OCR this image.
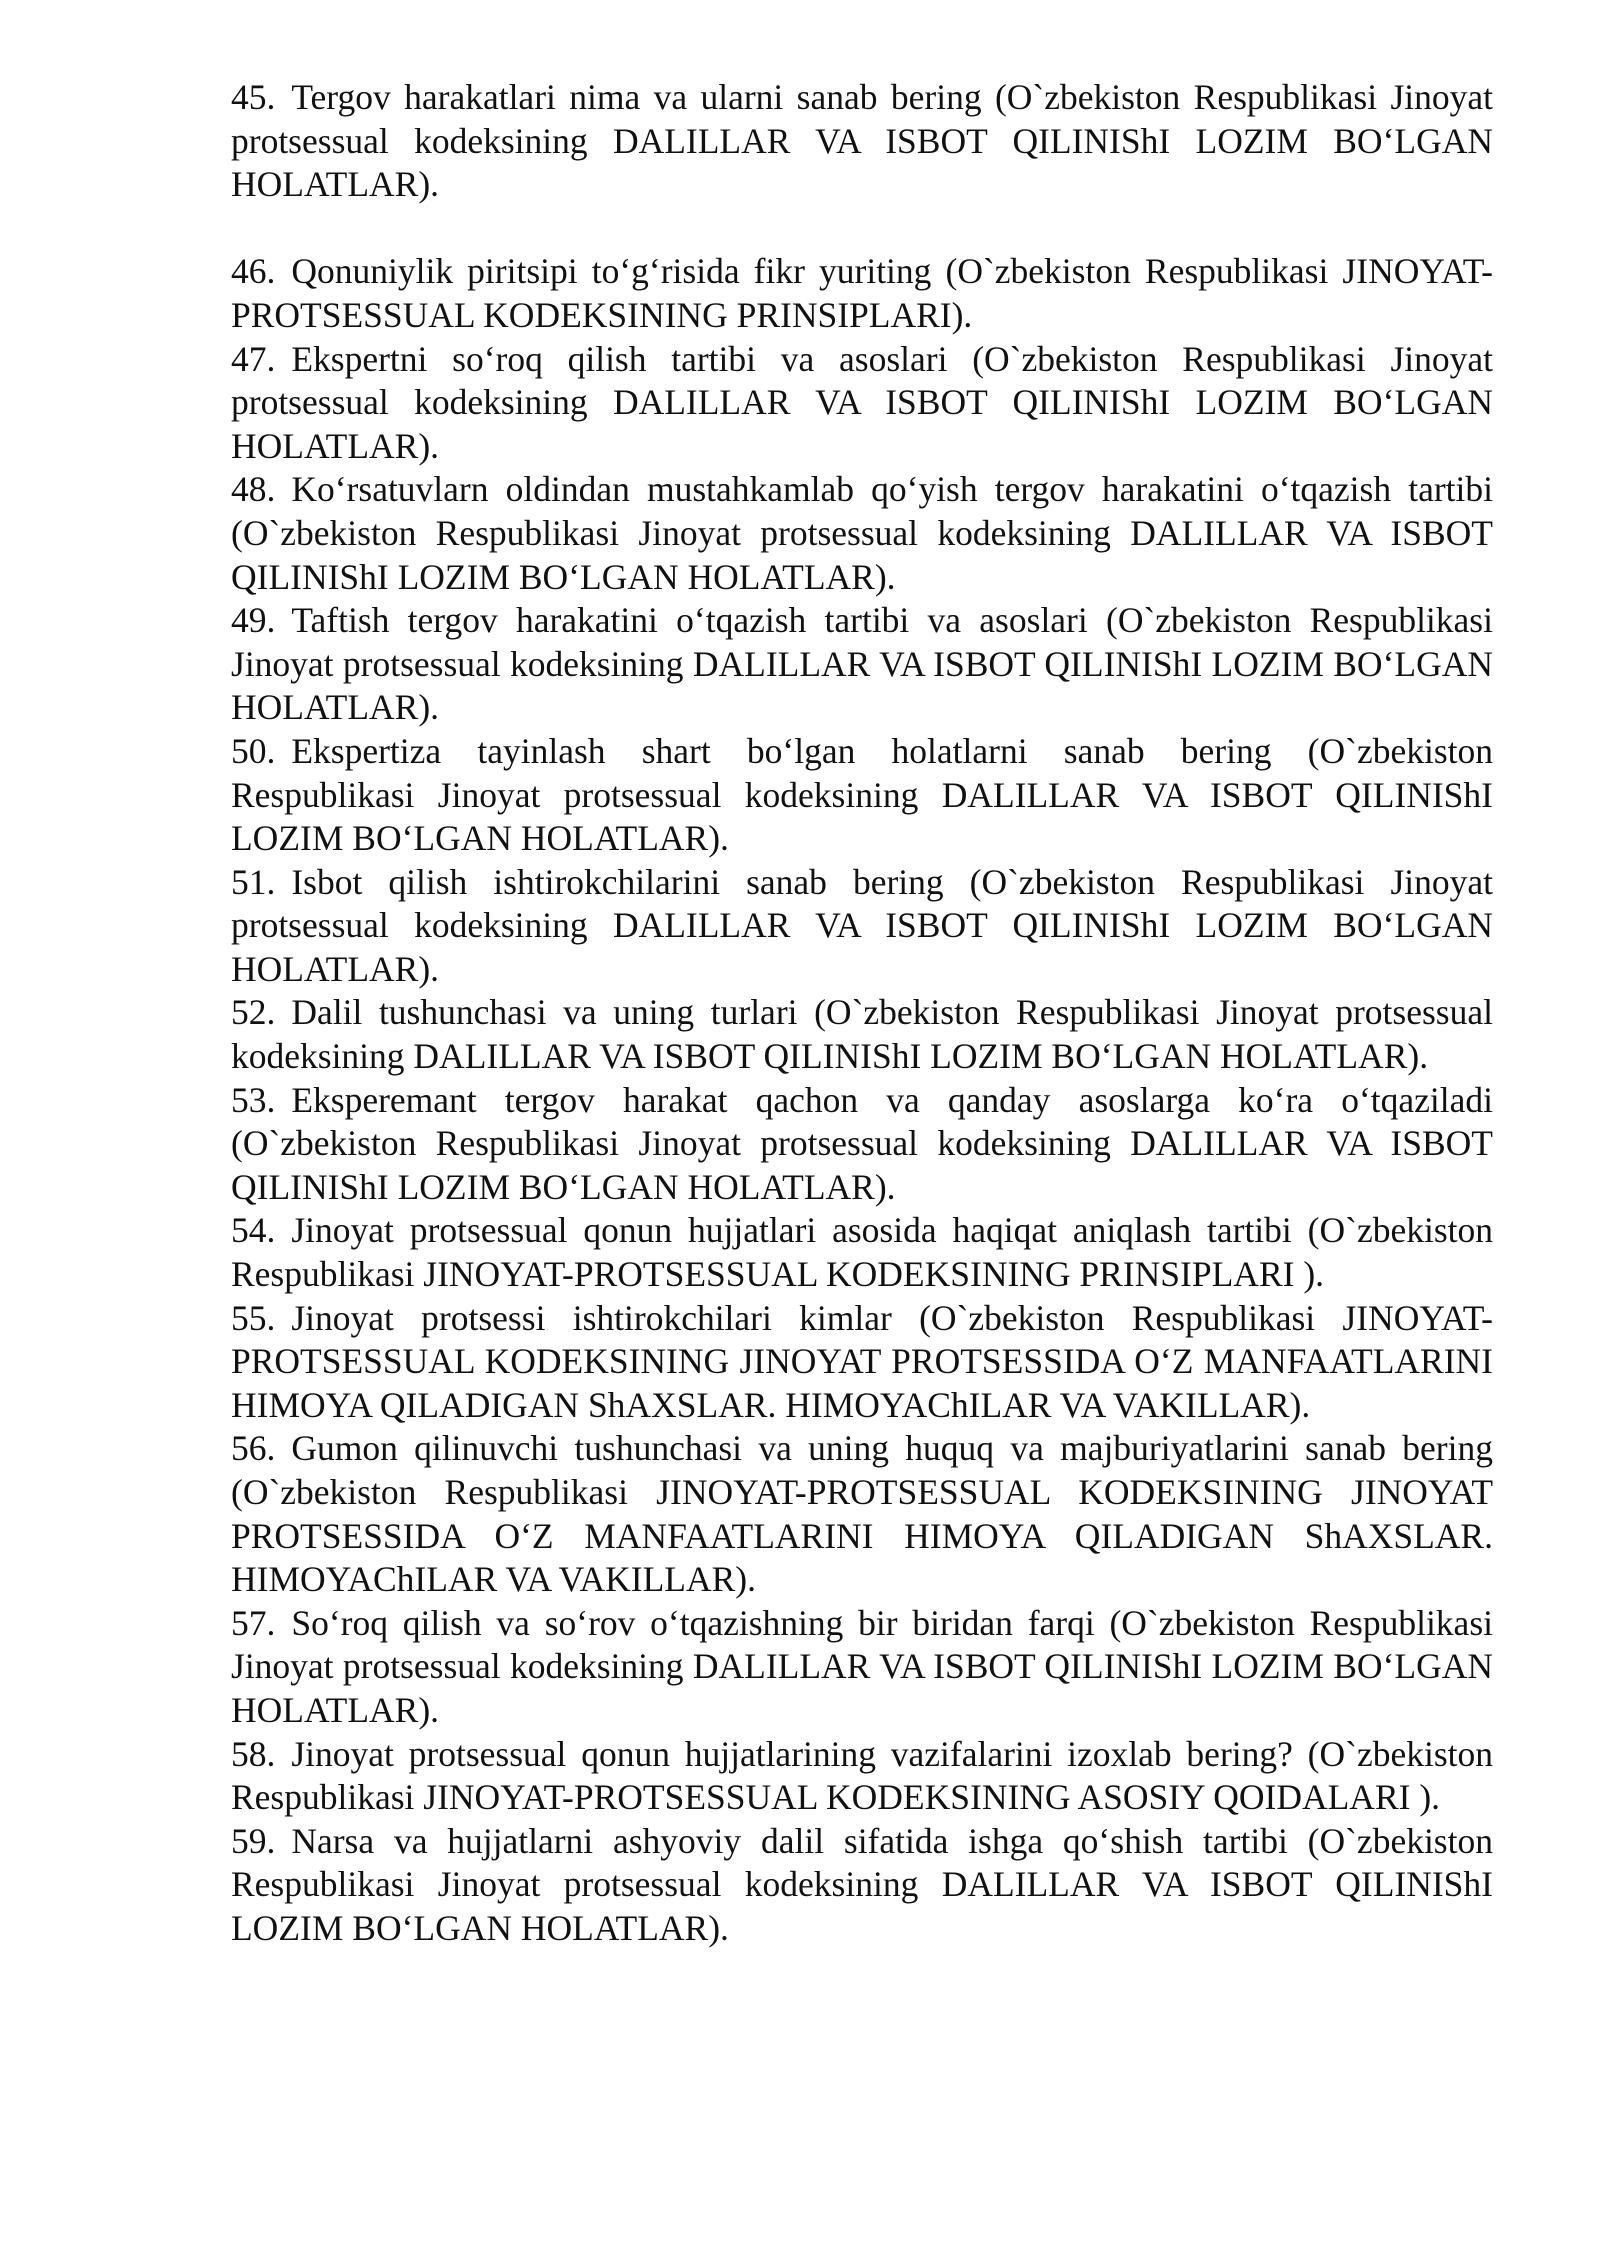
45. Tergov harakatlari nima va ularni sanab bering (O`zbekiston Respublikasi Jinoyat protsessual kodeksining DALILLAR VA ISBOT QILINIShI LOZIM BO‘LGAN HOLATLAR).

46. Qonuniylik piritsipi to‘g‘risida fikr yuriting (O`zbekiston Respublikasi JINOYAT-PROTSESSUAL KODEKSINING PRINSIPLARI).

47. Ekspertni so‘roq qilish tartibi va asoslari (O`zbekiston Respublikasi Jinoyat protsessual kodeksining DALILLAR VA ISBOT QILINIShI LOZIM BO‘LGAN HOLATLAR).

48. Ko‘rsatuvlarn oldindan mustahkamlab qo‘yish tergov harakatini o‘tqazish tartibi (O`zbekiston Respublikasi Jinoyat protsessual kodeksining DALILLAR VA ISBOT QILINIShI LOZIM BO‘LGAN HOLATLAR).

49. Taftish tergov harakatini o‘tqazish tartibi va asoslari (O`zbekiston Respublikasi Jinoyat protsessual kodeksining DALILLAR VA ISBOT QILINIShI LOZIM BO‘LGAN HOLATLAR).

50. Ekspertiza tayinlash shart bo‘lgan holatlarni sanab bering (O`zbekiston Respublikasi Jinoyat protsessual kodeksining DALILLAR VA ISBOT QILINIShI LOZIM BO‘LGAN HOLATLAR).

51. Isbot qilish ishtirokchilarini sanab bering (O`zbekiston Respublikasi Jinoyat protsessual kodeksining DALILLAR VA ISBOT QILINIShI LOZIM BO‘LGAN HOLATLAR).

52. Dalil tushunchasi va uning turlari (O`zbekiston Respublikasi Jinoyat protsessual kodeksining DALILLAR VA ISBOT QILINIShI LOZIM BO‘LGAN HOLATLAR).

53. Eksperemant tergov harakat qachon va qanday asoslarga ko‘ra o‘tqaziladi (O`zbekiston Respublikasi Jinoyat protsessual kodeksining DALILLAR VA ISBOT QILINIShI LOZIM BO‘LGAN HOLATLAR).

54. Jinoyat protsessual qonun hujjatlari asosida haqiqat aniqlash tartibi (O`zbekiston Respublikasi JINOYAT-PROTSESSUAL KODEKSINING PRINSIPLARI ).

55. Jinoyat protsessi ishtirokchilari kimlar (O`zbekiston Respublikasi JINOYAT-PROTSESSUAL KODEKSINING JINOYAT PROTSESSIDA O‘Z MANFAATLARINI HIMOYA QILADIGAN ShAXSLAR. HIMOYAChILAR VA VAKILLAR).

56. Gumon qilinuvchi tushunchasi va uning huquq va majburiyatlarini sanab bering (O`zbekiston Respublikasi JINOYAT-PROTSESSUAL KODEKSINING JINOYAT PROTSESSIDA O‘Z MANFAATLARINI HIMOYA QILADIGAN ShAXSLAR. HIMOYAChILAR VA VAKILLAR).

57. So‘roq qilish va so‘rov o‘tqazishning bir biridan farqi (O`zbekiston Respublikasi Jinoyat protsessual kodeksining DALILLAR VA ISBOT QILINIShI LOZIM BO‘LGAN HOLATLAR).

58. Jinoyat protsessual qonun hujjatlarining vazifalarini izoxlab bering? (O`zbekiston Respublikasi JINOYAT-PROTSESSUAL KODEKSINING ASOSIY QOIDALARI ).

59. Narsa va hujjatlarni ashyoviy dalil sifatida ishga qo‘shish tartibi (O`zbekiston Respublikasi Jinoyat protsessual kodeksining DALILLAR VA ISBOT QILINIShI LOZIM BO‘LGAN HOLATLAR).
